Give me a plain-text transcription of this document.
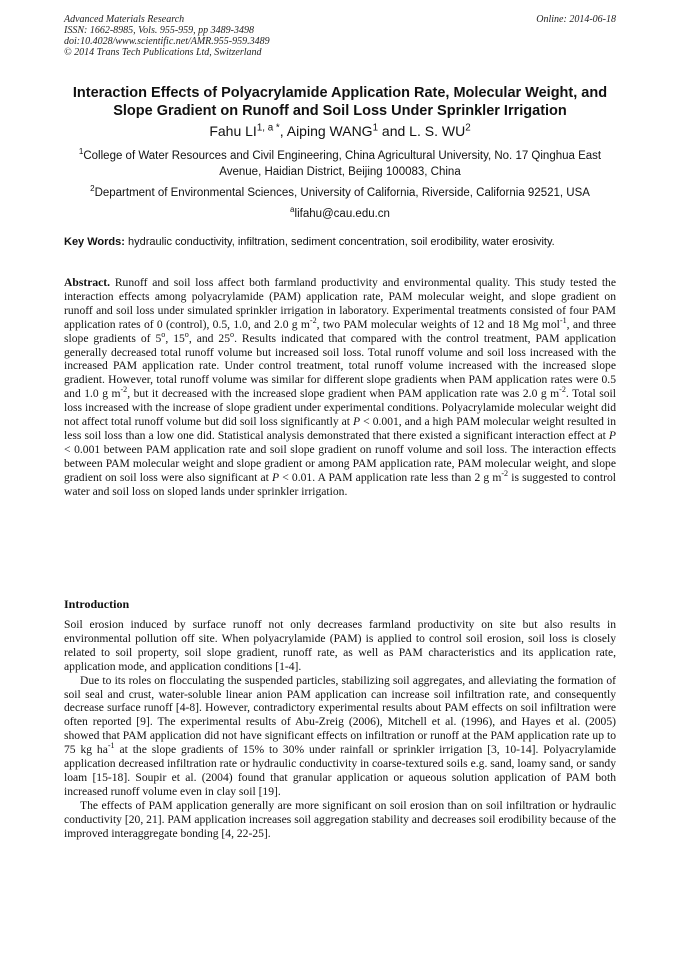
Advanced Materials Research
ISSN: 1662-8985, Vols. 955-959, pp 3489-3498
doi:10.4028/www.scientific.net/AMR.955-959.3489
© 2014 Trans Tech Publications Ltd, Switzerland
Online: 2014-06-18
Interaction Effects of Polyacrylamide Application Rate, Molecular Weight, and Slope Gradient on Runoff and Soil Loss Under Sprinkler Irrigation
Fahu $LI^{1, a *}$, Aiping WANG$^1$ and L. S. $WU^2$
$^1$College of Water Resources and Civil Engineering, China Agricultural University, No. 17 Qinghua East Avenue, Haidian District, Beijing 100083, China
$^2$Department of Environmental Sciences, University of California, Riverside, California 92521, USA
$^a$lifahu@cau.edu.cn
Key Words: hydraulic conductivity, infiltration, sediment concentration, soil erodibility, water erosivity.
Abstract. Runoff and soil loss affect both farmland productivity and environmental quality. This study tested the interaction effects among polyacrylamide (PAM) application rate, PAM molecular weight, and slope gradient on runoff and soil loss under simulated sprinkler irrigation in laboratory. Experimental treatments consisted of four PAM application rates of 0 (control), 0.5, 1.0, and 2.0 g $m^{-2}$, two PAM molecular weights of 12 and 18 Mg mol$^{-1}$, and three slope gradients of 5$^o$, 15$^o$, and 25$^o$. Results indicated that compared with the control treatment, PAM application generally decreased total runoff volume but increased soil loss. Total runoff volume and soil loss increased with the increased PAM application rate. Under control treatment, total runoff volume increased with the increased slope gradient. However, total runoff volume was similar for different slope gradients when PAM application rates were 0.5 and 1.0 g $m^{-2}$, but it decreased with the increased slope gradient when PAM application rate was 2.0 g $m^{-2}$. Total soil loss increased with the increase of slope gradient under experimental conditions. Polyacrylamide molecular weight did not affect total runoff volume but did soil loss significantly at P < 0.001, and a high PAM molecular weight resulted in less soil loss than a low one did. Statistical analysis demonstrated that there existed a significant interaction effect at P < 0.001 between PAM application rate and soil slope gradient on runoff volume and soil loss. The interaction effects between PAM molecular weight and slope gradient or among PAM application rate, PAM molecular weight, and slope gradient on soil loss were also significant at P < 0.01. A PAM application rate less than 2 g $m^{-2}$ is suggested to control water and soil loss on sloped lands under sprinkler irrigation.
Introduction

Soil erosion induced by surface runoff not only decreases farmland productivity on site but also results in environmental pollution off site. When polyacrylamide (PAM) is applied to control soil erosion, soil loss is closely related to soil property, soil slope gradient, runoff rate, as well as PAM characteristics and its application rate, application mode, and application conditions [1-4].

Due to its roles on flocculating the suspended particles, stabilizing soil aggregates, and alleviating the formation of soil seal and crust, water-soluble linear anion PAM application can increase soil infiltration rate, and consequently decrease surface runoff [4-8]. However, contradictory experimental results about PAM effects on soil infiltration were often reported [9]. The experimental results of Abu-Zreig (2006), Mitchell et al. (1996), and Hayes et al. (2005) showed that PAM application did not have significant effects on infiltration or runoff at the PAM application rate up to 75 kg $ha^{-1}$ at the slope gradients of 15% to 30% under rainfall or sprinkler irrigation [3, 10-14]. Polyacrylamide application decreased infiltration rate or hydraulic conductivity in coarse-textured soils e.g. sand, loamy sand, or sandy loam [15-18]. Soupir et al. (2004) found that granular application or aqueous solution application of PAM both increased runoff volume even in clay soil [19].

The effects of PAM application generally are more significant on soil erosion than on soil infiltration or hydraulic conductivity [20, 21]. PAM application increases soil aggregation stability and decreases soil erodibility because of the improved interaggregate bonding [4, 22-25].
